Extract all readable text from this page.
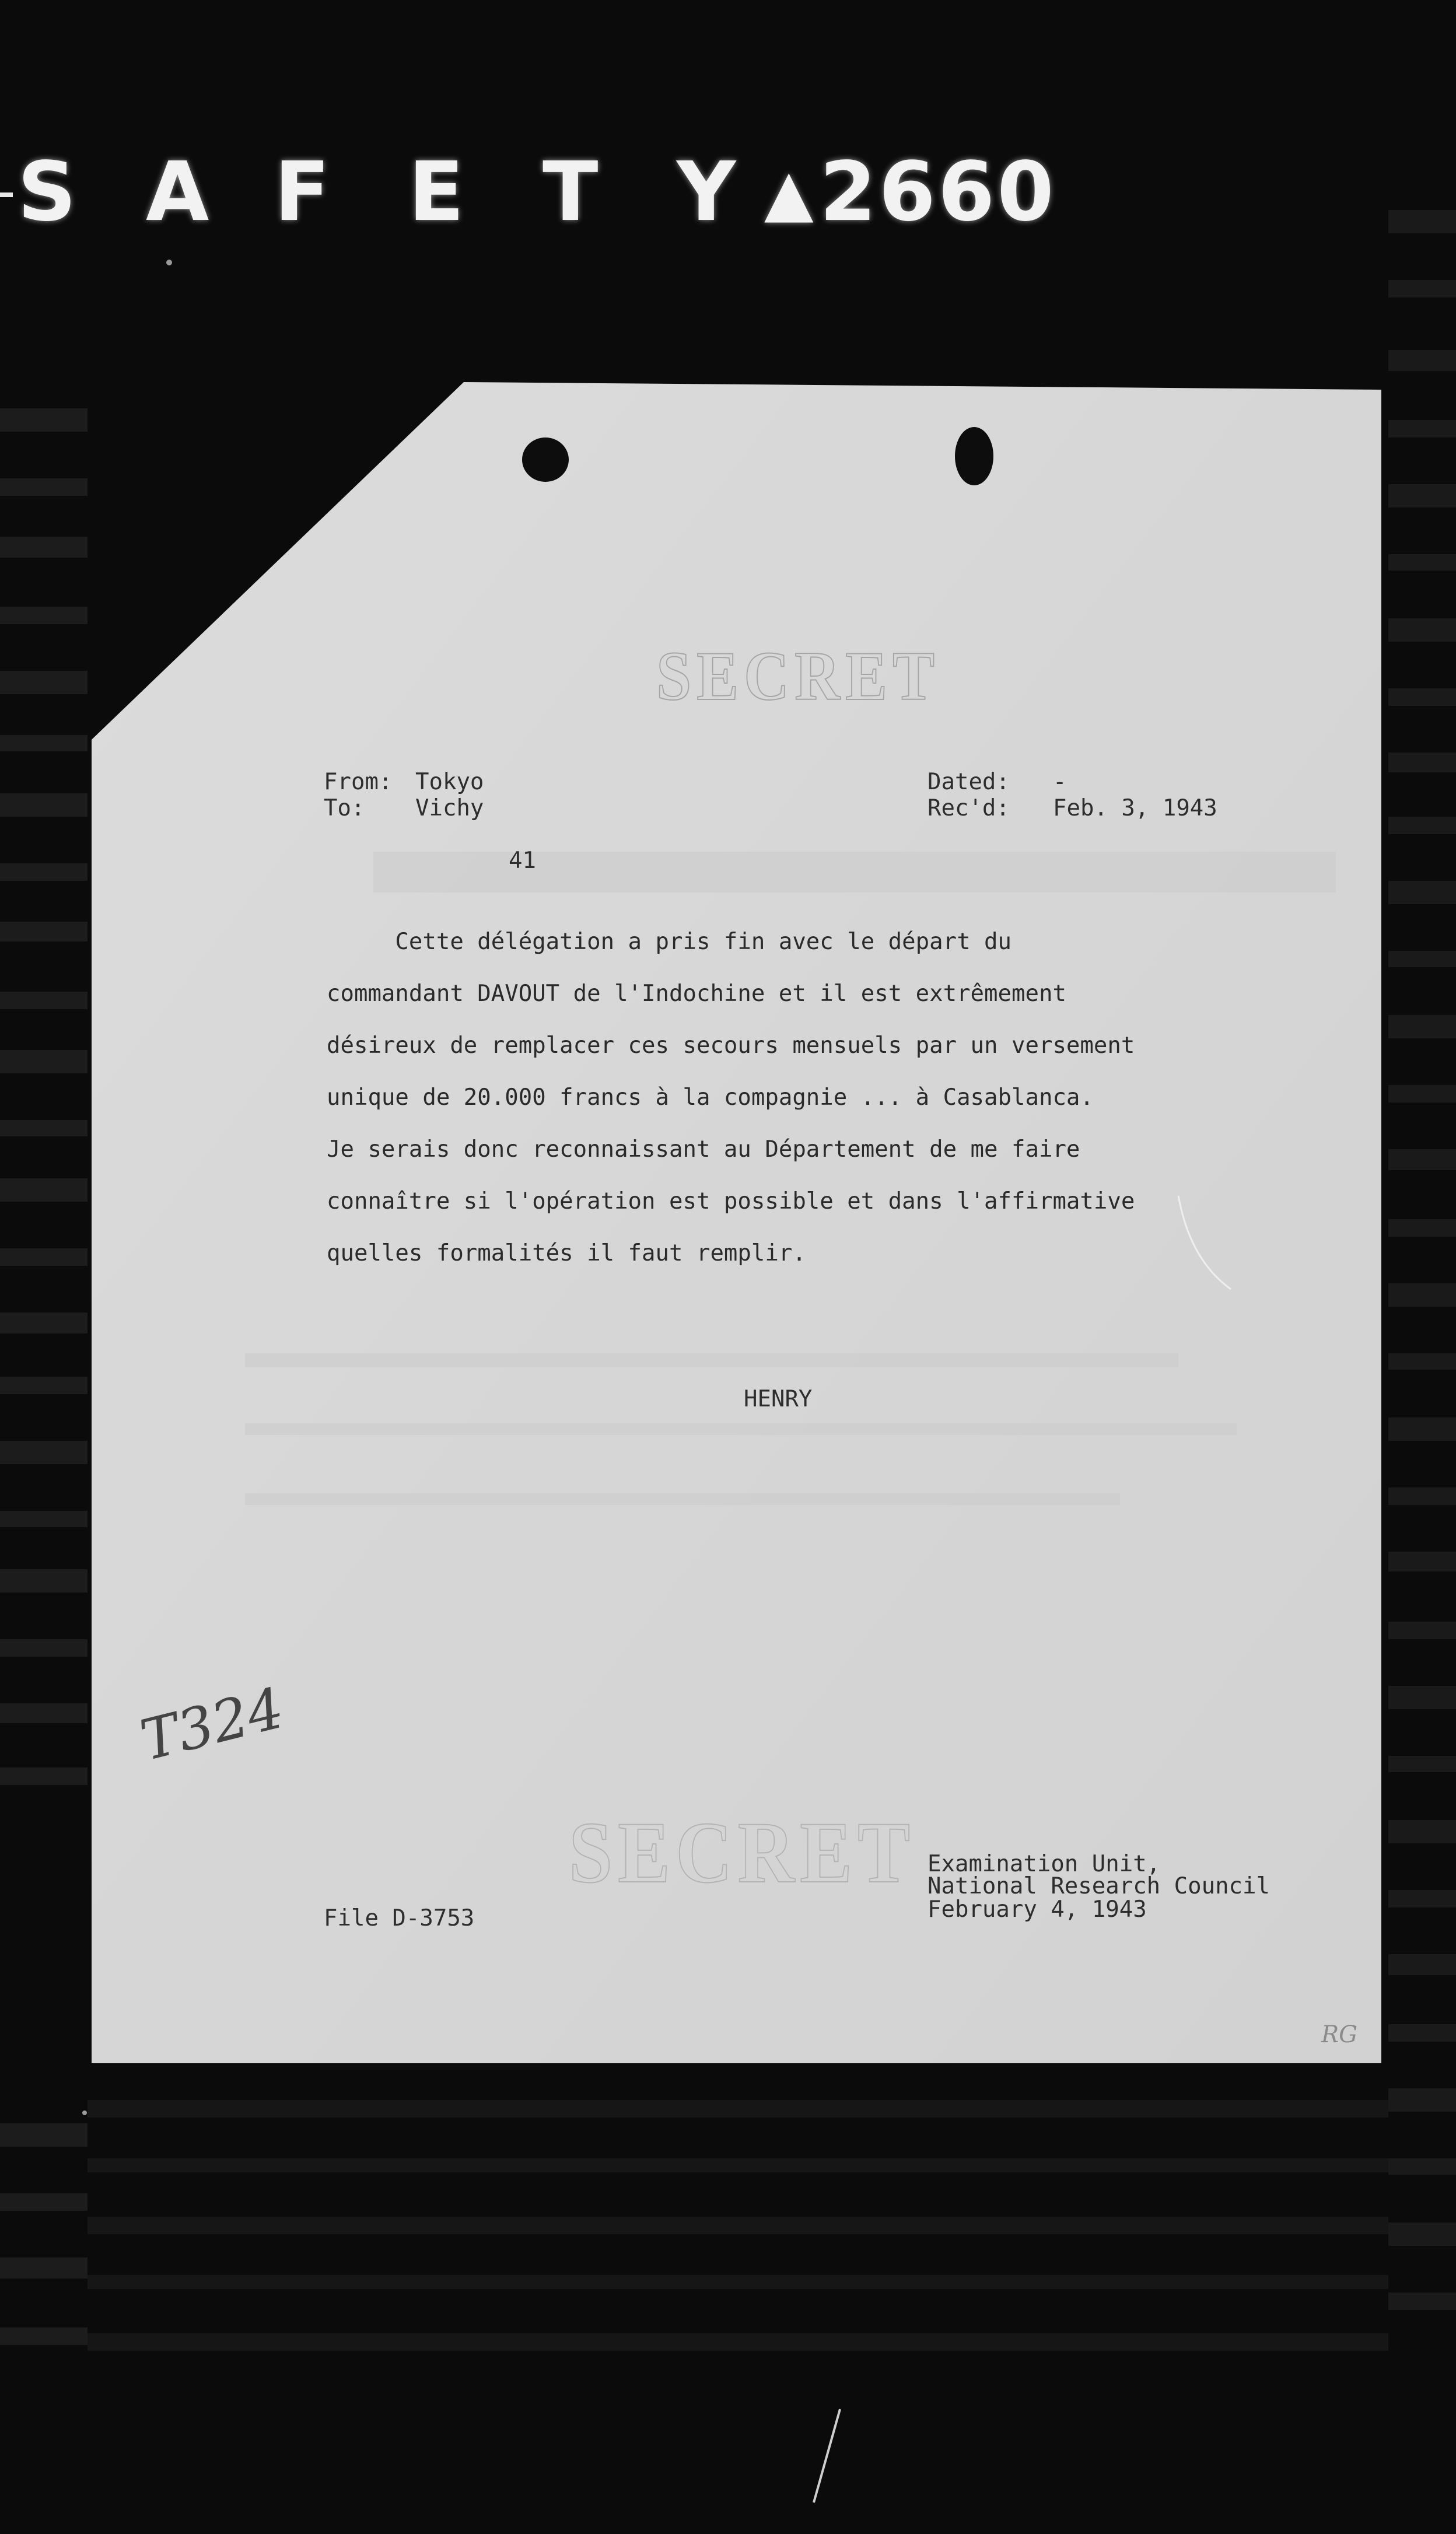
S A F E T Y ▲ 2660
SECRET
SECRET
From: Tokyo
To: Vichy
Dated: -
Rec'd: Feb. 3, 1943
41
Cette délégation a pris fin avec le départ du
commandant DAVOUT de l'Indochine et il est extrêmement
désireux de remplacer ces secours mensuels par un versement
unique de 20.000 francs à la compagnie ... à Casablanca.
Je serais donc reconnaissant au Département de me faire
connaître si l'opération est possible et dans l'affirmative
quelles formalités il faut remplir.
HENRY
T324
File D-3753
Examination Unit,
National Research Council
February 4, 1943
RG
